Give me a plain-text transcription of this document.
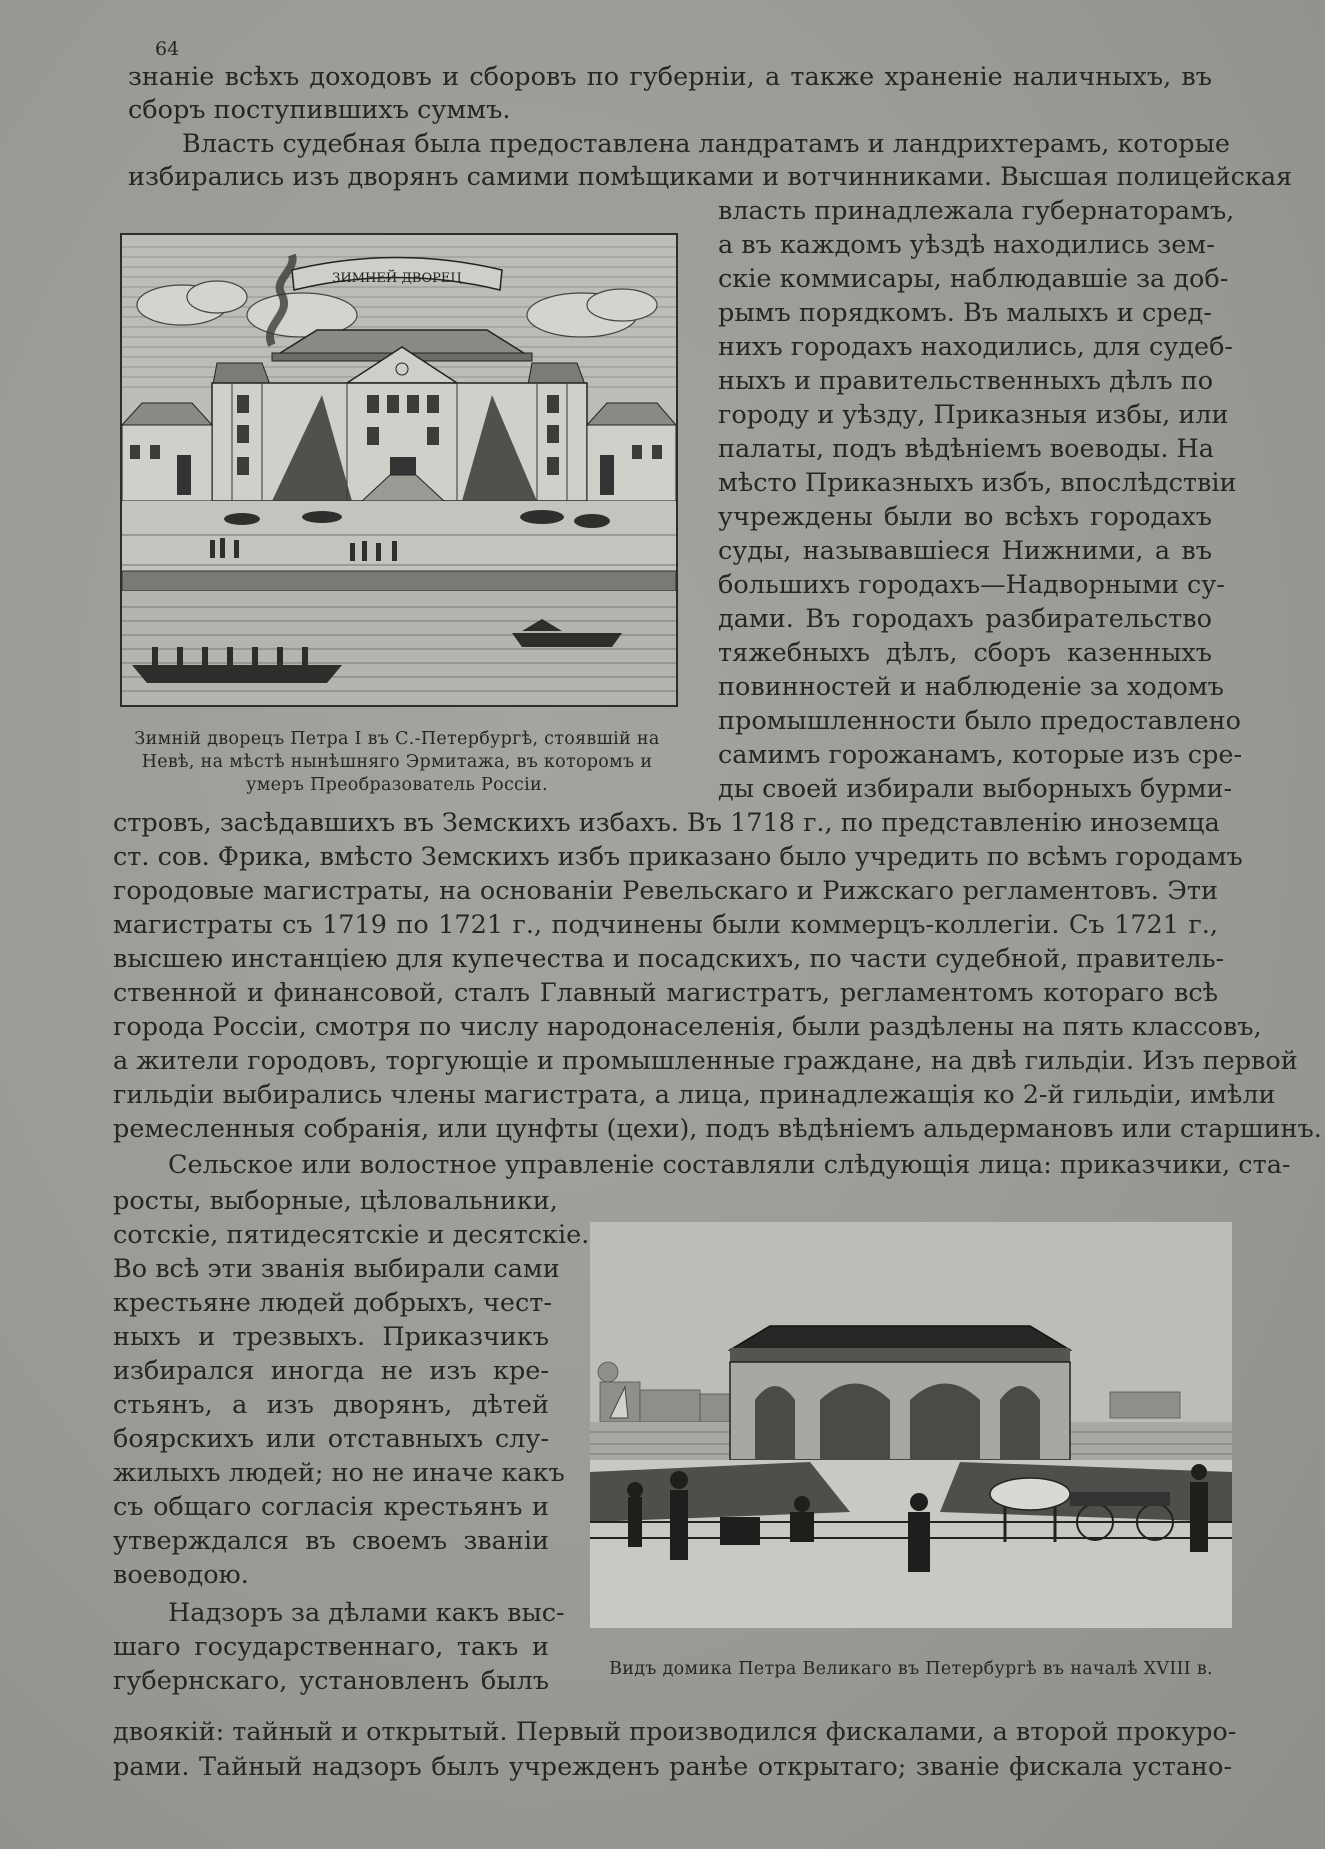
64
знаніе всѣхъ доходовъ и сборовъ по губерніи, а также храненіе наличныхъ, въ
сборъ поступившихъ суммъ.
Власть судебная была предоставлена ландратамъ и ландрихтерамъ, которые
избирались изъ дворянъ самими помѣщиками и вотчинниками. Высшая полицейская
власть принадлежала губернаторамъ,
а въ каждомъ уѣздѣ находились зем-
скіе коммисары, наблюдавшіе за доб-
рымъ порядкомъ. Въ малыхъ и сред-
нихъ городахъ находились, для судеб-
ныхъ и правительственныхъ дѣлъ по
городу и уѣзду, Приказныя избы, или
палаты, подъ вѣдѣніемъ воеводы. На
мѣсто Приказныхъ избъ, впослѣдствіи
учреждены были во всѣхъ городахъ
суды, называвшіеся Нижними, а въ
большихъ городахъ—Надворными су-
дами. Въ городахъ разбирательство
тяжебныхъ дѣлъ, сборъ казенныхъ
повинностей и наблюденіе за ходомъ
промышленности было предоставлено
самимъ горожанамъ, которые изъ сре-
ды своей избирали выборныхъ бурми-
ЗИМНЕЙ ДВОРЕЦ
Зимній дворецъ Петра I въ С.-Петербургѣ, стоявшій на
Невѣ, на мѣстѣ нынѣшняго Эрмитажа, въ которомъ и
умеръ Преобразователь Россіи.
стровъ, засѣдавшихъ въ Земскихъ избахъ. Въ 1718 г., по представленію иноземца
ст. сов. Фрика, вмѣсто Земскихъ избъ приказано было учредить по всѣмъ городамъ
городовые магистраты, на основаніи Ревельскаго и Рижскаго регламентовъ. Эти
магистраты съ 1719 по 1721 г., подчинены были коммерцъ-коллегіи. Съ 1721 г.,
высшею инстанціею для купечества и посадскихъ, по части судебной, правитель-
ственной и финансовой, сталъ Главный магистратъ, регламентомъ котораго всѣ
города Россіи, смотря по числу народонаселенія, были раздѣлены на пять классовъ,
а жители городовъ, торгующіе и промышленные граждане, на двѣ гильдіи. Изъ первой
гильдіи выбирались члены магистрата, а лица, принадлежащія ко 2-й гильдіи, имѣли
ремесленныя собранія, или цунфты (цехи), подъ вѣдѣніемъ альдермановъ или старшинъ.
Сельское или волостное управленіе составляли слѣдующія лица: приказчики, ста-
росты, выборные, цѣловальники,
сотскіе, пятидесятскіе и десятскіе.
Во всѣ эти званія выбирали сами
крестьяне людей добрыхъ, чест-
ныхъ и трезвыхъ. Приказчикъ
избирался иногда не изъ кре-
стьянъ, а изъ дворянъ, дѣтей
боярскихъ или отставныхъ слу-
жилыхъ людей; но не иначе какъ
съ общаго согласія крестьянъ и
утверждался въ своемъ званіи
воеводою.
Надзоръ за дѣлами какъ выс-
шаго государственнаго, такъ и
губернскаго, установленъ былъ	Видъ домика Петра Великаго въ Петербургѣ въ началѣ XVIII в.
двоякій: тайный и открытый. Первый производился фискалами, а второй прокуро-
рами. Тайный надзоръ былъ учрежденъ ранѣе открытаго; званіе фискала устано-
